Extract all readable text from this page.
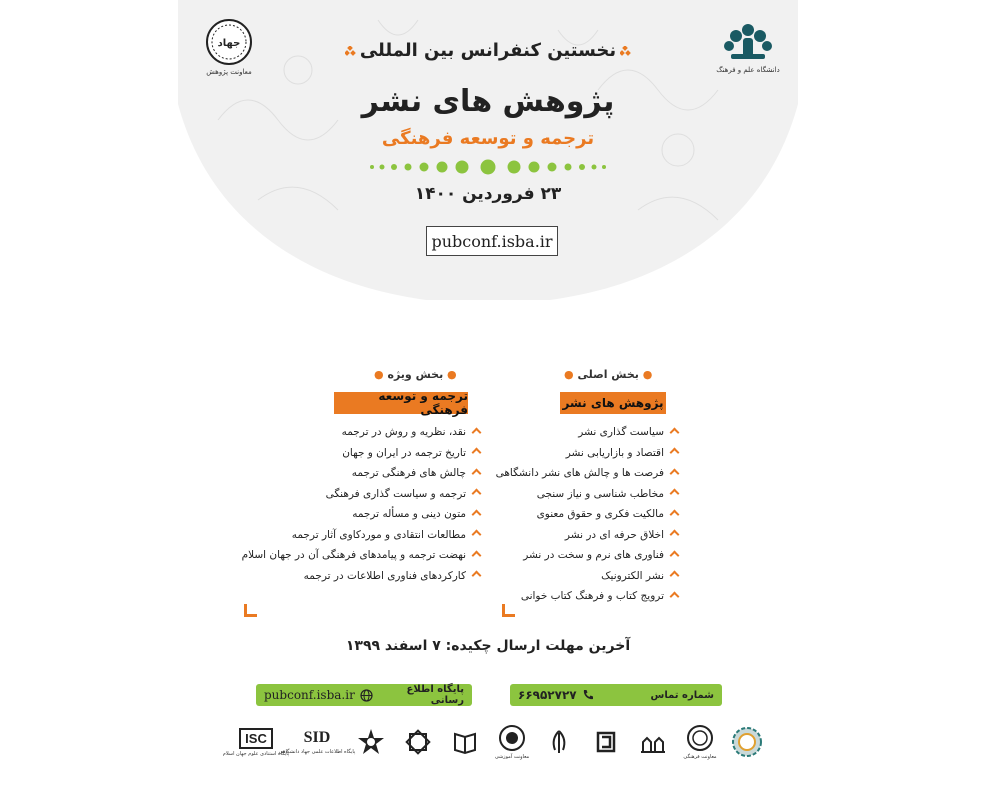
جهاد
معاونت پژوهش	دانشگاه علم و فرهنگ
نخستین کنفرانس بین المللی
پژوهش های نشر
ترجمه و توسعه فرهنگی
۲۳ فروردین ۱۴۰۰
pubconf.isba.ir
● بخش اصلی ●
پژوهش های نشر
سیاست گذاری نشر
اقتصاد و بازاریابی نشر
فرصت ها و چالش های نشر دانشگاهی
مخاطب شناسی و نیاز سنجی
مالکیت فکری و حقوق معنوی
اخلاق حرفه ای در نشر
فناوری های نرم و سخت در نشر
نشر الکترونیک
ترویج کتاب و فرهنگ کتاب خوانی
● بخش ویژه ●
ترجمه و توسعه فرهنگی
نقد، نظریه و روش در ترجمه
تاریخ ترجمه در ایران و جهان
چالش های فرهنگی ترجمه
ترجمه و سیاست گذاری فرهنگی
متون دینی و مسأله ترجمه
مطالعات انتقادی و موردکاوی آثار ترجمه
نهضت ترجمه و پیامدهای فرهنگی آن در جهان اسلام
کارکردهای فناوری اطلاعات در ترجمه
آخرین مهلت ارسال چکیده: ۷ اسفند ۱۳۹۹
شماره تماس
۶۶۹۵۲۷۲۷
پایگاه اطلاع رسانی
pubconf.isba.ir
ISC
پایگاه استنادی علوم جهان اسلام
SID
پایگاه اطلاعات علمی جهاد دانشگاهی
معاونت آموزشی	معاونت فرهنگی
